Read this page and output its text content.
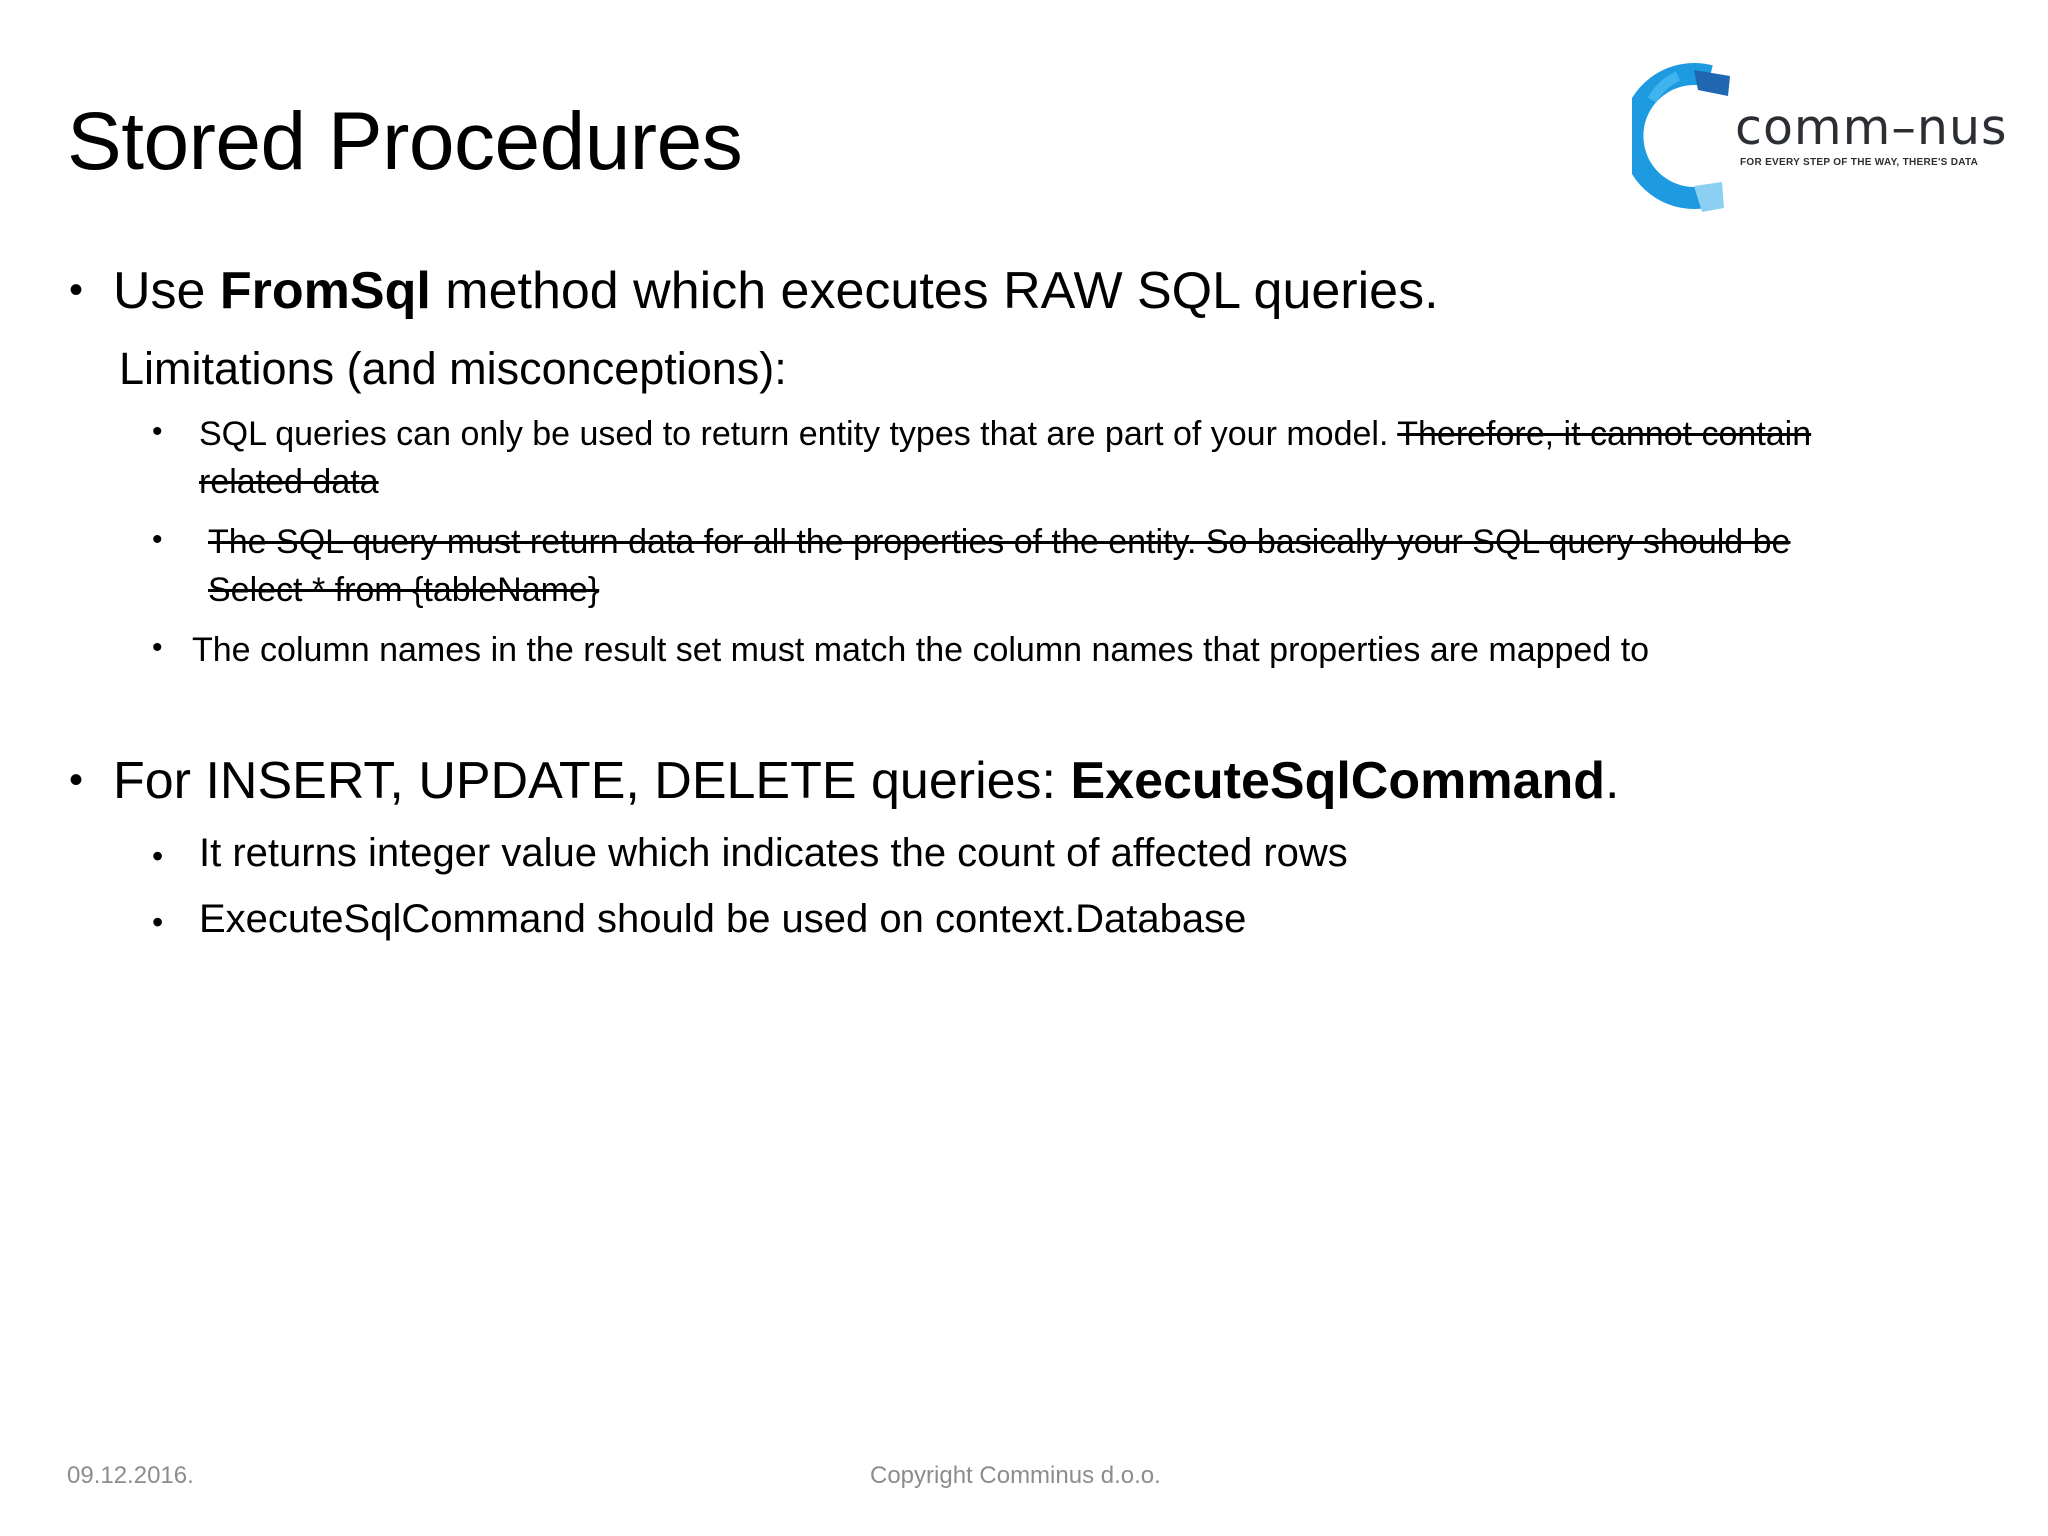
Stored Procedures	comm–nus
FOR EVERY STEP OF THE WAY, THERE'S DATA
• Use FromSql method which executes RAW SQL queries.
Limitations (and misconceptions):
• SQL queries can only be used to return entity types that are part of your model. Therefore, it cannot contain
related data
• The SQL query must return data for all the properties of the entity. So basically your SQL query should be
Select * from {tableName}
• The column names in the result set must match the column names that properties are mapped to
• For INSERT, UPDATE, DELETE queries: ExecuteSqlCommand.
• It returns integer value which indicates the count of affected rows
• ExecuteSqlCommand should be used on context.Database
09.12.2016.	Copyright Comminus d.o.o.
